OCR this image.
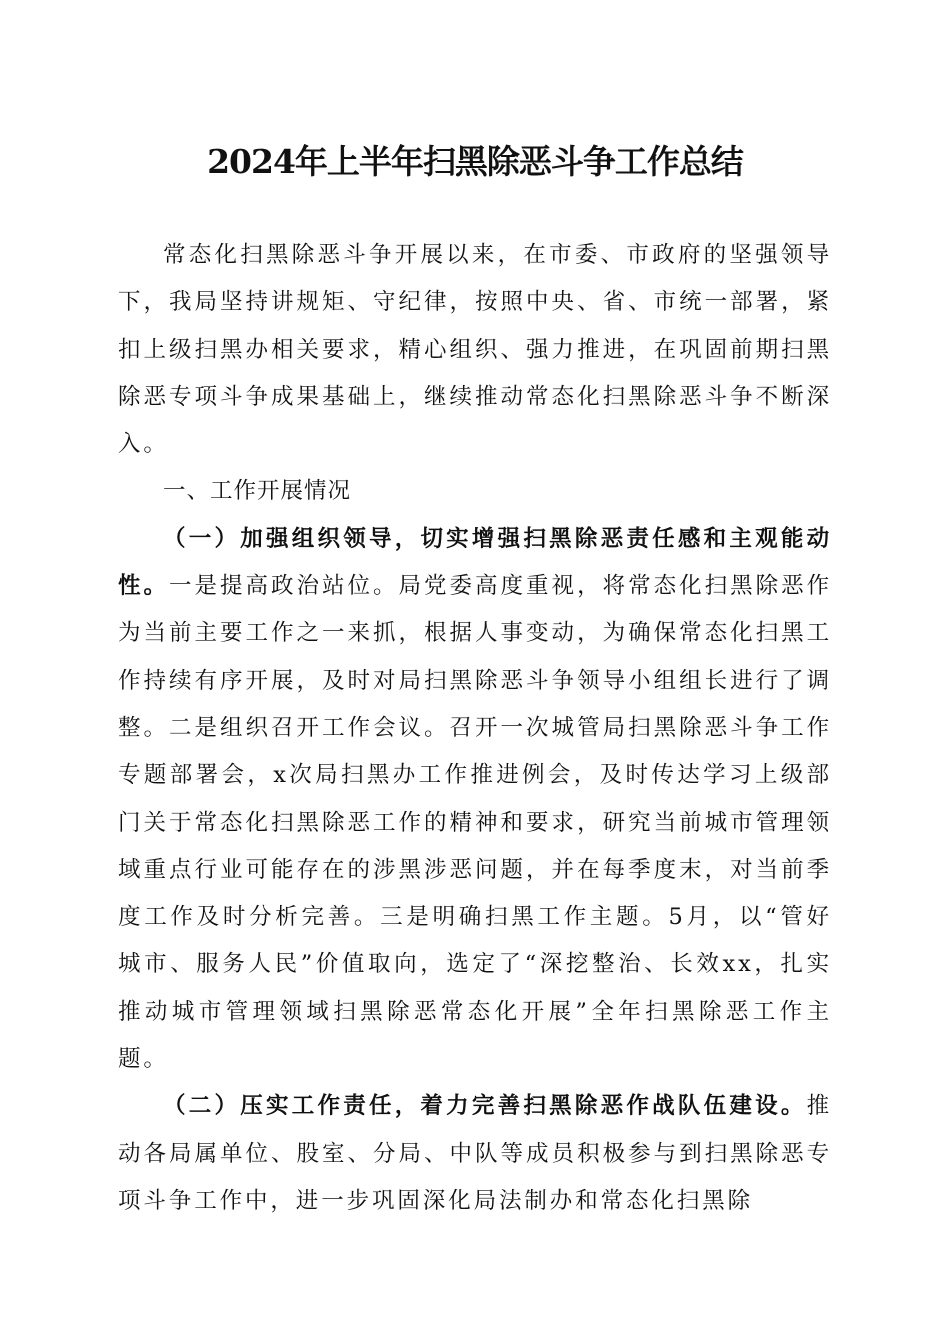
2024年上半年扫黑除恶斗争工作总结

常态化扫黑除恶斗争开展以来，在市委、市政府的坚强领导下，我局坚持讲规矩、守纪律，按照中央、省、市统一部署，紧扣上级扫黑办相关要求，精心组织、强力推进，在巩固前期扫黑除恶专项斗争成果基础上，继续推动常态化扫黑除恶斗争不断深入。

一、工作开展情况

（一）加强组织领导，切实增强扫黑除恶责任感和主观能动性。一是提高政治站位。局党委高度重视，将常态化扫黑除恶作为当前主要工作之一来抓，根据人事变动，为确保常态化扫黑工作持续有序开展，及时对局扫黑除恶斗争领导小组组长进行了调整。二是组织召开工作会议。召开一次城管局扫黑除恶斗争工作专题部署会，x次局扫黑办工作推进例会，及时传达学习上级部门关于常态化扫黑除恶工作的精神和要求，研究当前城市管理领域重点行业可能存在的涉黑涉恶问题，并在每季度末，对当前季度工作及时分析完善。三是明确扫黑工作主题。5月，以“管好城市、服务人民”价值取向，选定了“深挖整治、长效xx，扎实推动城市管理领域扫黑除恶常态化开展”全年扫黑除恶工作主题。

（二）压实工作责任，着力完善扫黑除恶作战队伍建设。推动各局属单位、股室、分局、中队等成员积极参与到扫黑除恶专项斗争工作中，进一步巩固深化局法制办和常态化扫黑除
